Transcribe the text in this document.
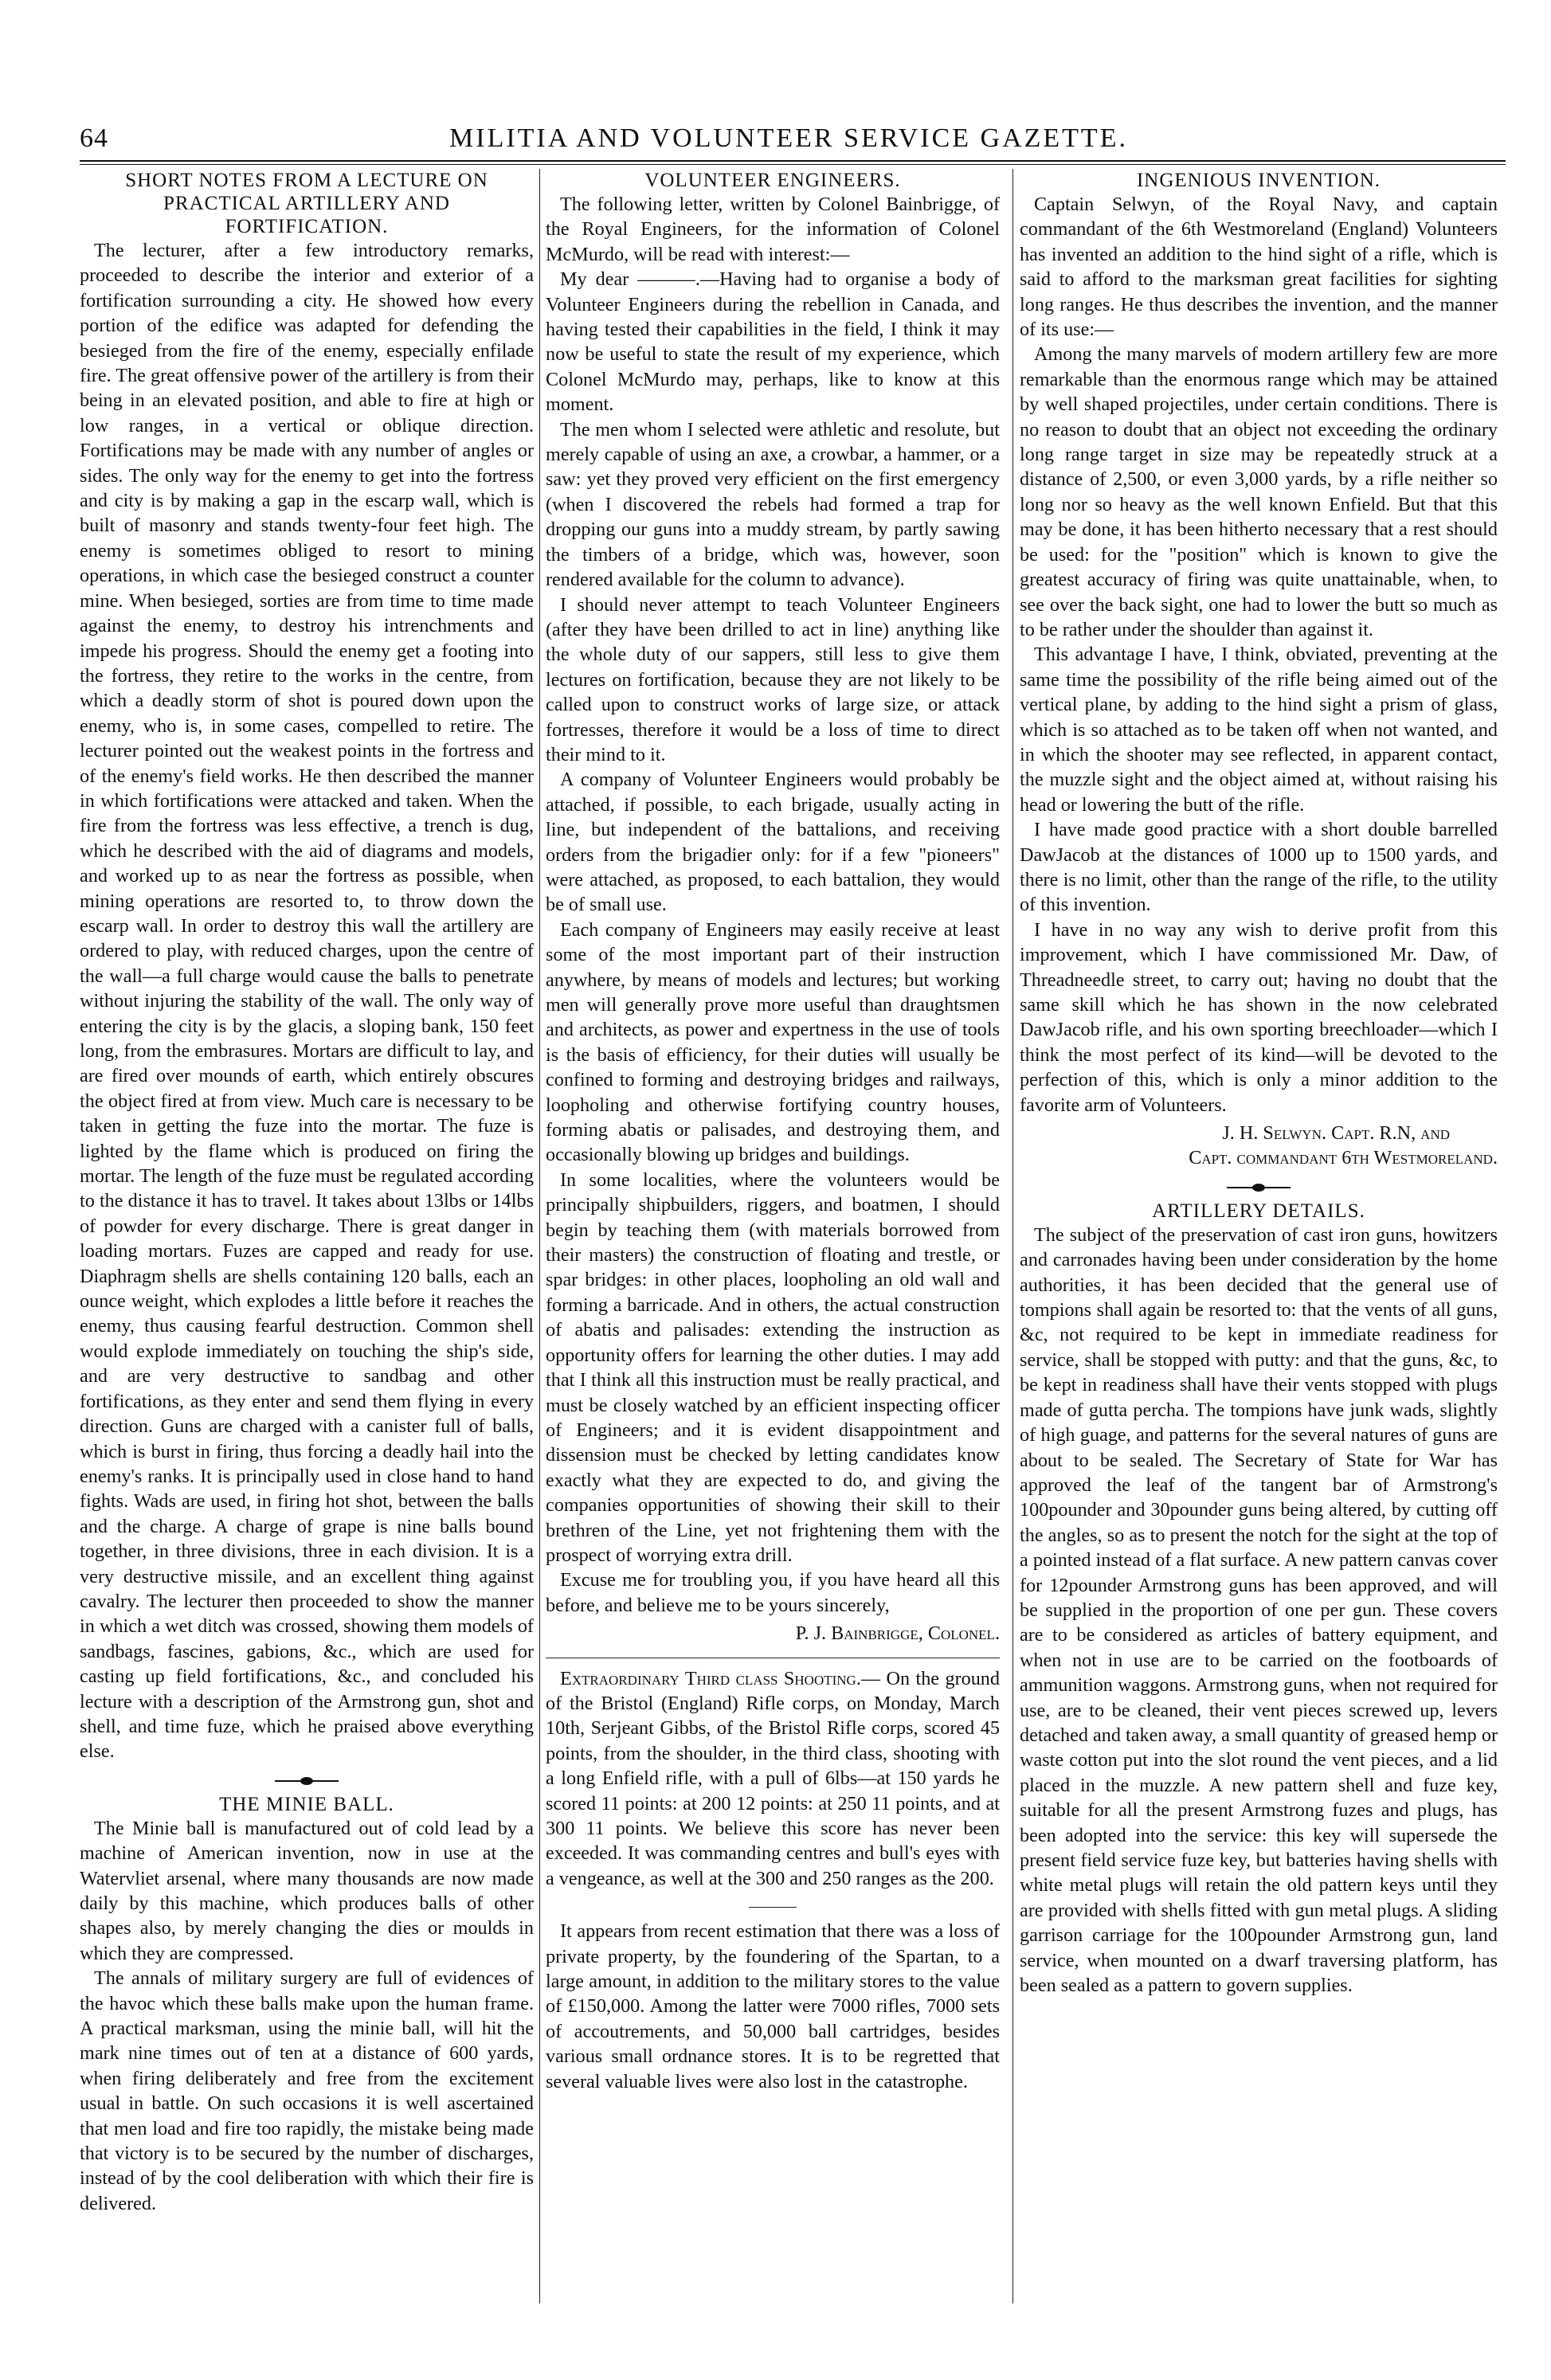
64	MILITIA AND VOLUNTEER SERVICE GAZETTE.
SHORT NOTES FROM A LECTURE ON PRACTICAL ARTILLERY AND FORTIFICATION.

The lecturer, after a few introductory remarks, proceeded to describe the interior and exterior of a fortification surrounding a city. He showed how every portion of the edifice was adapted for defending the besieged from the fire of the enemy, especially enfilade fire. The great offensive power of the artillery is from their being in an elevated position, and able to fire at high or low ranges, in a vertical or oblique direction. Fortifications may be made with any number of angles or sides. The only way for the enemy to get into the fortress and city is by making a gap in the escarp wall, which is built of masonry and stands twenty-four feet high. The enemy is sometimes obliged to resort to mining operations, in which case the besieged construct a counter mine. When besieged, sorties are from time to time made against the enemy, to destroy his intrenchments and impede his progress. Should the enemy get a footing into the fortress, they retire to the works in the centre, from which a deadly storm of shot is poured down upon the enemy, who is, in some cases, compelled to retire. The lecturer pointed out the weakest points in the fortress and of the enemy's field works. He then described the manner in which fortifications were attacked and taken. When the fire from the fortress was less effective, a trench is dug, which he described with the aid of diagrams and models, and worked up to as near the fortress as possible, when mining operations are resorted to, to throw down the escarp wall. In order to destroy this wall the artillery are ordered to play, with reduced charges, upon the centre of the wall—a full charge would cause the balls to penetrate without injuring the stability of the wall. The only way of entering the city is by the glacis, a sloping bank, 150 feet long, from the embrasures. Mortars are difficult to lay, and are fired over mounds of earth, which entirely obscures the object fired at from view. Much care is necessary to be taken in getting the fuze into the mortar. The fuze is lighted by the flame which is produced on firing the mortar. The length of the fuze must be regulated according to the distance it has to travel. It takes about 13lbs or 14lbs of powder for every discharge. There is great danger in loading mortars. Fuzes are capped and ready for use. Diaphragm shells are shells containing 120 balls, each an ounce weight, which explodes a little before it reaches the enemy, thus causing fearful destruction. Common shell would explode immediately on touching the ship's side, and are very destructive to sandbag and other fortifications, as they enter and send them flying in every direction. Guns are charged with a canister full of balls, which is burst in firing, thus forcing a deadly hail into the enemy's ranks. It is principally used in close hand to hand fights. Wads are used, in firing hot shot, between the balls and the charge. A charge of grape is nine balls bound together, in three divisions, three in each division. It is a very destructive missile, and an excellent thing against cavalry. The lecturer then proceeded to show the manner in which a wet ditch was crossed, showing them models of sandbags, fascines, gabions, &c., which are used for casting up field fortifications, &c., and concluded his lecture with a description of the Armstrong gun, shot and shell, and time fuze, which he praised above everything else.

THE MINIE BALL.

The Minie ball is manufactured out of cold lead by a machine of American invention, now in use at the Watervliet arsenal, where many thousands are now made daily by this machine, which produces balls of other shapes also, by merely changing the dies or moulds in which they are compressed.

The annals of military surgery are full of evidences of the havoc which these balls make upon the human frame. A practical marksman, using the minie ball, will hit the mark nine times out of ten at a distance of 600 yards, when firing deliberately and free from the excitement usual in battle. On such occasions it is well ascertained that men load and fire too rapidly, the mistake being made that victory is to be secured by the number of discharges, instead of by the cool deliberation with which their fire is delivered.

VOLUNTEER ENGINEERS.

The following letter, written by Colonel Bainbrigge, of the Royal Engineers, for the information of Colonel McMurdo, will be read with interest:—

My dear ———.—Having had to organise a body of Volunteer Engineers during the rebellion in Canada, and having tested their capabilities in the field, I think it may now be useful to state the result of my experience, which Colonel McMurdo may, perhaps, like to know at this moment.

The men whom I selected were athletic and resolute, but merely capable of using an axe, a crowbar, a hammer, or a saw: yet they proved very efficient on the first emergency (when I discovered the rebels had formed a trap for dropping our guns into a muddy stream, by partly sawing the timbers of a bridge, which was, however, soon rendered available for the column to advance).

I should never attempt to teach Volunteer Engineers (after they have been drilled to act in line) anything like the whole duty of our sappers, still less to give them lectures on fortification, because they are not likely to be called upon to construct works of large size, or attack fortresses, therefore it would be a loss of time to direct their mind to it.

A company of Volunteer Engineers would probably be attached, if possible, to each brigade, usually acting in line, but independent of the battalions, and receiving orders from the brigadier only: for if a few "pioneers" were attached, as proposed, to each battalion, they would be of small use.

Each company of Engineers may easily receive at least some of the most important part of their instruction anywhere, by means of models and lectures; but working men will generally prove more useful than draughtsmen and architects, as power and expertness in the use of tools is the basis of efficiency, for their duties will usually be confined to forming and destroying bridges and railways, loopholing and otherwise fortifying country houses, forming abatis or palisades, and destroying them, and occasionally blowing up bridges and buildings.

In some localities, where the volunteers would be principally shipbuilders, riggers, and boatmen, I should begin by teaching them (with materials borrowed from their masters) the construction of floating and trestle, or spar bridges: in other places, loopholing an old wall and forming a barricade. And in others, the actual construction of abatis and palisades: extending the instruction as opportunity offers for learning the other duties. I may add that I think all this instruction must be really practical, and must be closely watched by an efficient inspecting officer of Engineers; and it is evident disappointment and dissension must be checked by letting candidates know exactly what they are expected to do, and giving the companies opportunities of showing their skill to their brethren of the Line, yet not frightening them with the prospect of worrying extra drill.

Excuse me for troubling you, if you have heard all this before, and believe me to be yours sincerely,

P. J. Bainbrigge, Colonel.

Extraordinary Third class Shooting.— On the ground of the Bristol (England) Rifle corps, on Monday, March 10th, Serjeant Gibbs, of the Bristol Rifle corps, scored 45 points, from the shoulder, in the third class, shooting with a long Enfield rifle, with a pull of 6lbs—at 150 yards he scored 11 points: at 200 12 points: at 250 11 points, and at 300 11 points. We believe this score has never been exceeded. It was commanding centres and bull's eyes with a vengeance, as well at the 300 and 250 ranges as the 200.

It appears from recent estimation that there was a loss of private property, by the foundering of the Spartan, to a large amount, in addition to the military stores to the value of £150,000. Among the latter were 7000 rifles, 7000 sets of accoutrements, and 50,000 ball cartridges, besides various small ordnance stores. It is to be regretted that several valuable lives were also lost in the catastrophe.

INGENIOUS INVENTION.

Captain Selwyn, of the Royal Navy, and captain commandant of the 6th Westmoreland (England) Volunteers has invented an addition to the hind sight of a rifle, which is said to afford to the marksman great facilities for sighting long ranges. He thus describes the invention, and the manner of its use:—

Among the many marvels of modern artillery few are more remarkable than the enormous range which may be attained by well shaped projectiles, under certain conditions. There is no reason to doubt that an object not exceeding the ordinary long range target in size may be repeatedly struck at a distance of 2,500, or even 3,000 yards, by a rifle neither so long nor so heavy as the well known Enfield. But that this may be done, it has been hitherto necessary that a rest should be used: for the "position" which is known to give the greatest accuracy of firing was quite unattainable, when, to see over the back sight, one had to lower the butt so much as to be rather under the shoulder than against it.

This advantage I have, I think, obviated, preventing at the same time the possibility of the rifle being aimed out of the vertical plane, by adding to the hind sight a prism of glass, which is so attached as to be taken off when not wanted, and in which the shooter may see reflected, in apparent contact, the muzzle sight and the object aimed at, without raising his head or lowering the butt of the rifle.

I have made good practice with a short double barrelled DawJacob at the distances of 1000 up to 1500 yards, and there is no limit, other than the range of the rifle, to the utility of this invention.

I have in no way any wish to derive profit from this improvement, which I have commissioned Mr. Daw, of Threadneedle street, to carry out; having no doubt that the same skill which he has shown in the now celebrated DawJacob rifle, and his own sporting breechloader—which I think the most perfect of its kind—will be devoted to the perfection of this, which is only a minor addition to the favorite arm of Volunteers.

J. H. Selwyn. Capt. R.N, and
Capt. commandant 6th Westmoreland.
ARTILLERY DETAILS.

The subject of the preservation of cast iron guns, howitzers and carronades having been under consideration by the home authorities, it has been decided that the general use of tompions shall again be resorted to: that the vents of all guns, &c, not required to be kept in immediate readiness for service, shall be stopped with putty: and that the guns, &c, to be kept in readiness shall have their vents stopped with plugs made of gutta percha. The tompions have junk wads, slightly of high guage, and patterns for the several natures of guns are about to be sealed. The Secretary of State for War has approved the leaf of the tangent bar of Armstrong's 100pounder and 30pounder guns being altered, by cutting off the angles, so as to present the notch for the sight at the top of a pointed instead of a flat surface. A new pattern canvas cover for 12pounder Armstrong guns has been approved, and will be supplied in the proportion of one per gun. These covers are to be considered as articles of battery equipment, and when not in use are to be carried on the footboards of ammunition waggons. Armstrong guns, when not required for use, are to be cleaned, their vent pieces screwed up, levers detached and taken away, a small quantity of greased hemp or waste cotton put into the slot round the vent pieces, and a lid placed in the muzzle. A new pattern shell and fuze key, suitable for all the present Armstrong fuzes and plugs, has been adopted into the service: this key will supersede the present field service fuze key, but batteries having shells with white metal plugs will retain the old pattern keys until they are provided with shells fitted with gun metal plugs. A sliding garrison carriage for the 100pounder Armstrong gun, land service, when mounted on a dwarf traversing platform, has been sealed as a pattern to govern supplies.
